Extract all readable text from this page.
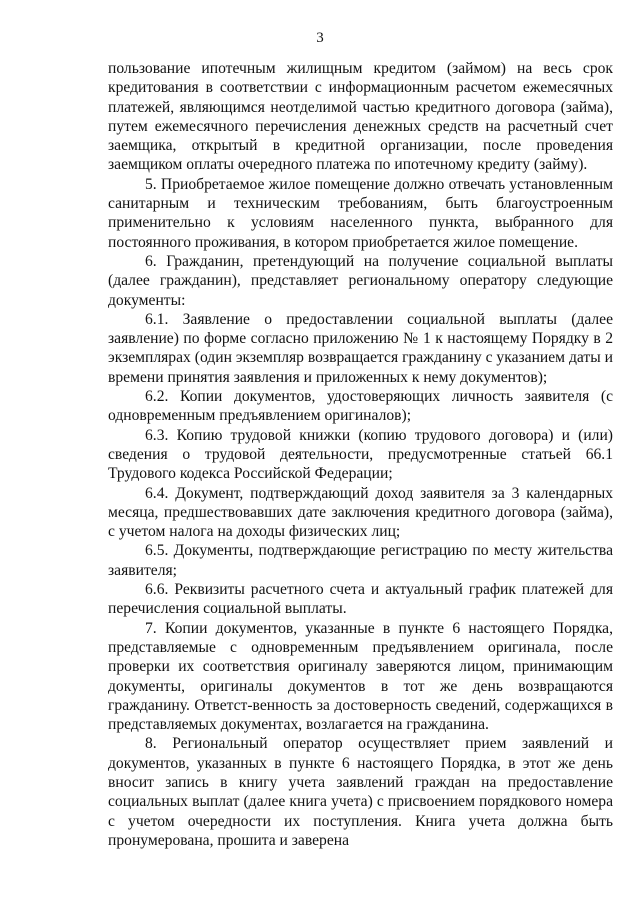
3

пользование ипотечным жилищным кредитом (займом) на весь срок кредитования в соответствии с информационным расчетом ежемесячных платежей, являющимся неотделимой частью кредитного договора (займа), путем ежемесячного перечисления денежных средств на расчетный счет заемщика, открытый в кредитной организации, после проведения заемщиком оплаты очередного платежа по ипотечному кредиту (займу).

5. Приобретаемое жилое помещение должно отвечать установленным санитарным и техническим требованиям, быть благоустроенным применительно к условиям населенного пункта, выбранного для постоянного проживания, в котором приобретается жилое помещение.

6. Гражданин, претендующий на получение социальной выплаты (далее гражданин), представляет региональному оператору следующие документы:

6.1. Заявление о предоставлении социальной выплаты (далее заявление) по форме согласно приложению № 1 к настоящему Порядку в 2 экземплярах (один экземпляр возвращается гражданину с указанием даты и времени принятия заявления и приложенных к нему документов);

6.2. Копии документов, удостоверяющих личность заявителя (с одновременным предъявлением оригиналов);

6.3. Копию трудовой книжки (копию трудового договора) и (или) сведения о трудовой деятельности, предусмотренные статьей 66.1 Трудового кодекса Российской Федерации;

6.4. Документ, подтверждающий доход заявителя за 3 календарных месяца, предшествовавших дате заключения кредитного договора (займа), с учетом налога на доходы физических лиц;

6.5. Документы, подтверждающие регистрацию по месту жительства заявителя;

6.6. Реквизиты расчетного счета и актуальный график платежей для перечисления социальной выплаты.

7. Копии документов, указанные в пункте 6 настоящего Порядка, представляемые с одновременным предъявлением оригинала, после проверки их соответствия оригиналу заверяются лицом, принимающим документы, оригиналы документов в тот же день возвращаются гражданину. Ответст-венность за достоверность сведений, содержащихся в представляемых документах, возлагается на гражданина.

8. Региональный оператор осуществляет прием заявлений и документов, указанных в пункте 6 настоящего Порядка, в этот же день вносит запись в книгу учета заявлений граждан на предоставление социальных выплат (далее книга учета) с присвоением порядкового номера с учетом очередности их поступления. Книга учета должна быть пронумерована, прошита и заверена
